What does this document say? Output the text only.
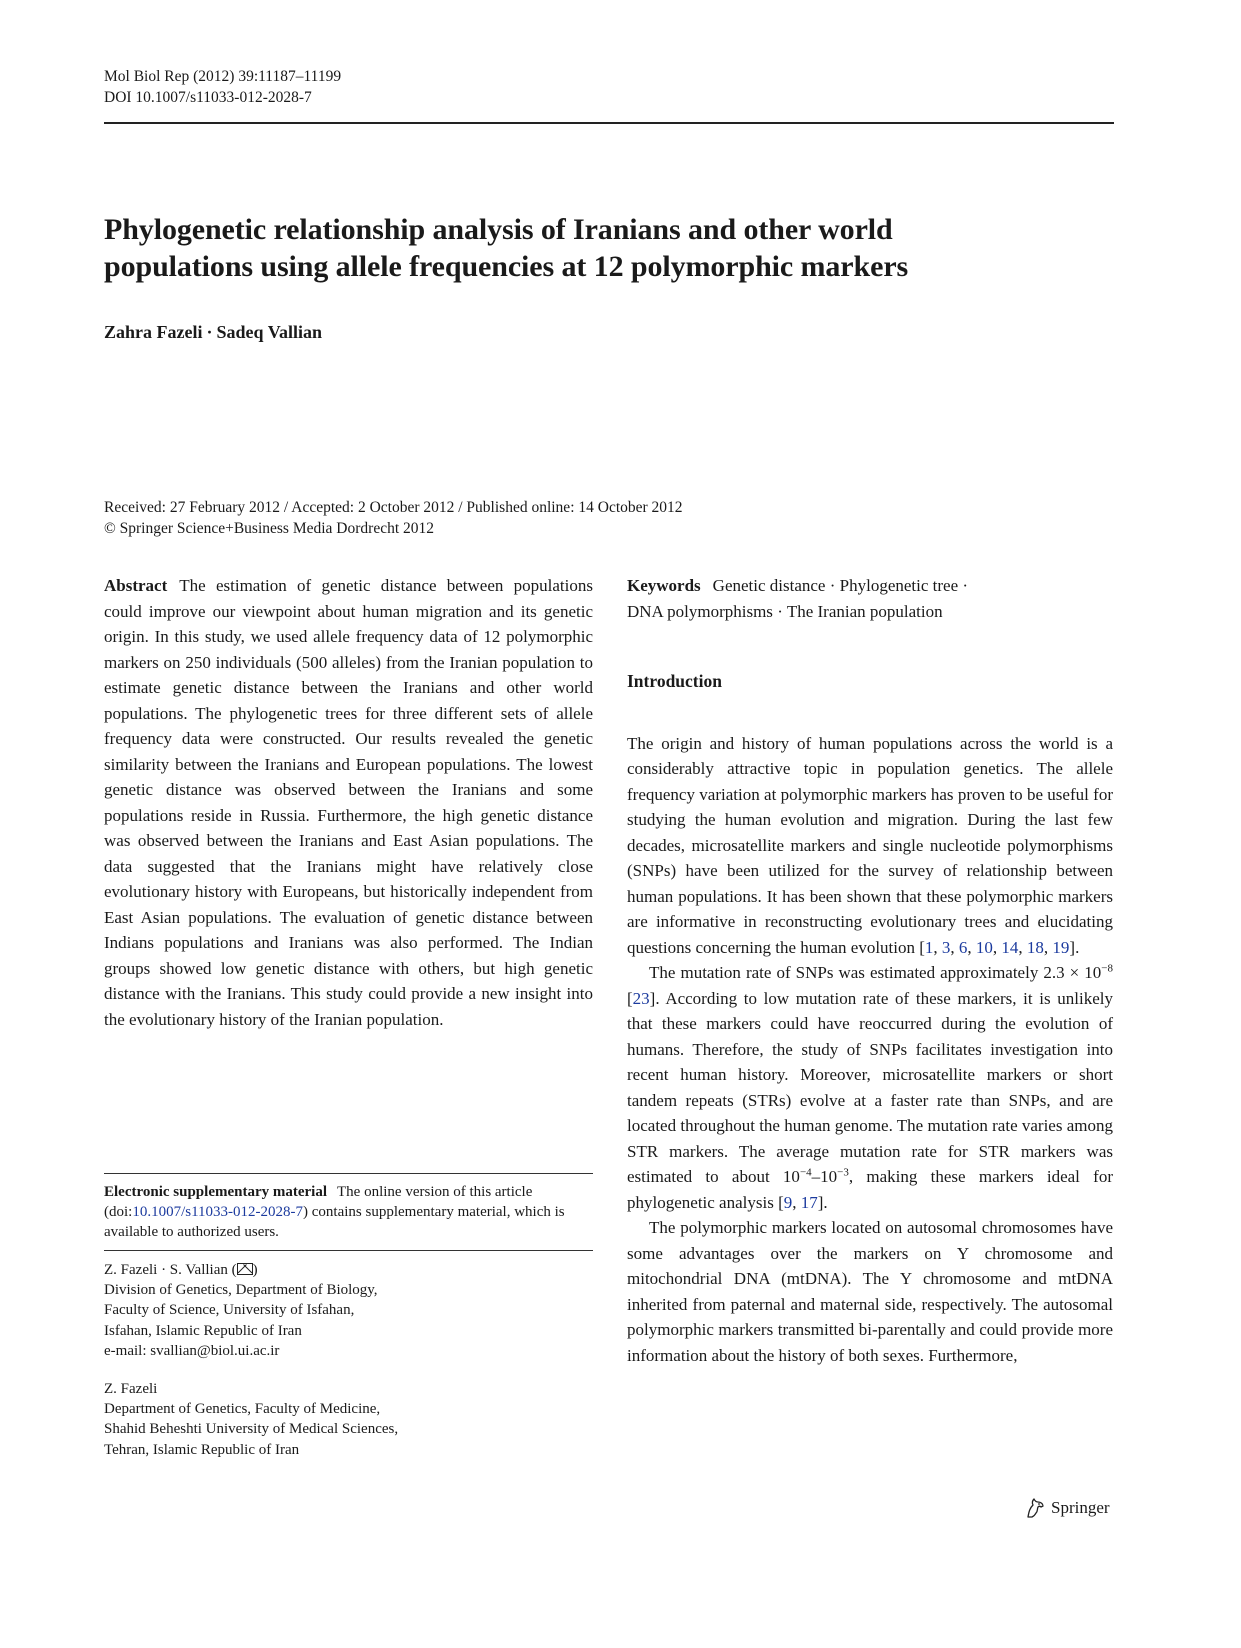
Mol Biol Rep (2012) 39:11187–11199
DOI 10.1007/s11033-012-2028-7
Phylogenetic relationship analysis of Iranians and other world
populations using allele frequencies at 12 polymorphic markers
Zahra Fazeli · Sadeq Vallian
Received: 27 February 2012 / Accepted: 2 October 2012 / Published online: 14 October 2012
© Springer Science+Business Media Dordrecht 2012

Abstract The estimation of genetic distance between populations could improve our viewpoint about human migration and its genetic origin. In this study, we used allele frequency data of 12 polymorphic markers on 250 individuals (500 alleles) from the Iranian population to estimate genetic distance between the Iranians and other world populations. The phylogenetic trees for three different sets of allele frequency data were constructed. Our results revealed the genetic similarity between the Iranians and European populations. The lowest genetic distance was observed between the Iranians and some populations reside in Russia. Furthermore, the high genetic distance was observed between the Iranians and East Asian populations. The data suggested that the Iranians might have relatively close evolutionary history with Europeans, but historically independent from East Asian populations. The evaluation of genetic distance between Indians populations and Iranians was also performed. The Indian groups showed low genetic distance with others, but high genetic distance with the Iranians. This study could provide a new insight into the evolutionary history of the Iranian population.

Electronic supplementary material The online version of this article (doi:10.1007/s11033-012-2028-7) contains supplementary material, which is available to authorized users.

Z. Fazeli · S. Vallian ( )
Division of Genetics, Department of Biology,
Faculty of Science, University of Isfahan,
Isfahan, Islamic Republic of Iran
e-mail: svallian@biol.ui.ac.ir

Z. Fazeli
Department of Genetics, Faculty of Medicine,
Shahid Beheshti University of Medical Sciences,
Tehran, Islamic Republic of Iran

Keywords Genetic distance · Phylogenetic tree ·
DNA polymorphisms · The Iranian population

Introduction

The origin and history of human populations across the world is a considerably attractive topic in population genetics. The allele frequency variation at polymorphic markers has proven to be useful for studying the human evolution and migration. During the last few decades, microsatellite markers and single nucleotide polymorphisms (SNPs) have been utilized for the survey of relationship between human populations. It has been shown that these polymorphic markers are informative in reconstructing evolutionary trees and elucidating questions concerning the human evolution [1, 3, 6, 10, 14, 18, 19].

The mutation rate of SNPs was estimated approximately $2.3 \times 10^{-8}$ [23]. According to low mutation rate of these markers, it is unlikely that these markers could have reoccurred during the evolution of humans. Therefore, the study of SNPs facilitates investigation into recent human history. Moreover, microsatellite markers or short tandem repeats (STRs) evolve at a faster rate than SNPs, and are located throughout the human genome. The mutation rate varies among STR markers. The average mutation rate for STR markers was estimated to about $10^{-4}-10^{-3}$, making these markers ideal for phylogenetic analysis [9, 17].

The polymorphic markers located on autosomal chromosomes have some advantages over the markers on Y chromosome and mitochondrial DNA (mtDNA). The Y chromosome and mtDNA inherited from paternal and maternal side, respectively. The autosomal polymorphic markers transmitted bi-parentally and could provide more information about the history of both sexes. Furthermore,

Springer
